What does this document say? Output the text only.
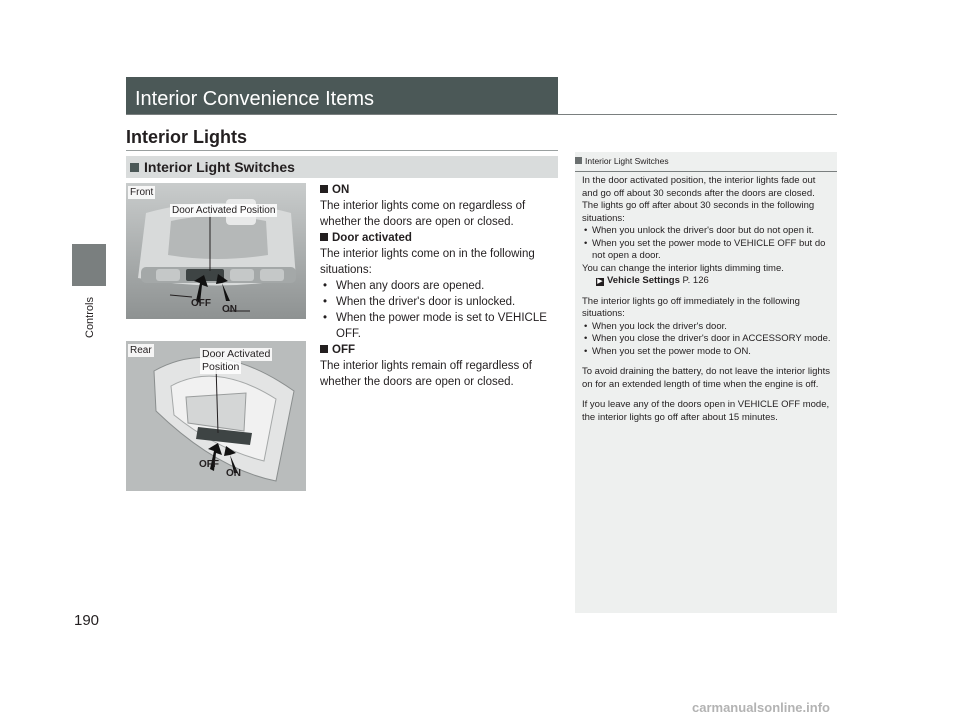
Controls
190
Interior Convenience Items
Interior Lights
Interior Light Switches
Front
Door Activated Position
OFF
ON
Rear	Door Activated
Position
OFF
ON
ON

The interior lights come on regardless of whether the doors are open or closed.

Door activated

The interior lights come on in the following situations:

• When any doors are opened.
• When the driver's door is unlocked.
• When the power mode is set to VEHICLE OFF.
OFF

The interior lights remain off regardless of whether the doors are open or closed.

Interior Light Switches

In the door activated position, the interior lights fade out and go off about 30 seconds after the doors are closed.

The lights go off after about 30 seconds in the following situations:

• When you unlock the driver's door but do not open it.
• When you set the power mode to VEHICLE OFF but do not open a door.

You can change the interior lights dimming time.

▶ Vehicle Settings P. 126

The interior lights go off immediately in the following situations:

• When you lock the driver's door.
• When you close the driver's door in ACCESSORY mode.
• When you set the power mode to ON.

To avoid draining the battery, do not leave the interior lights on for an extended length of time when the engine is off.

If you leave any of the doors open in VEHICLE OFF mode, the interior lights go off after about 15 minutes.

carmanualsonline.info
